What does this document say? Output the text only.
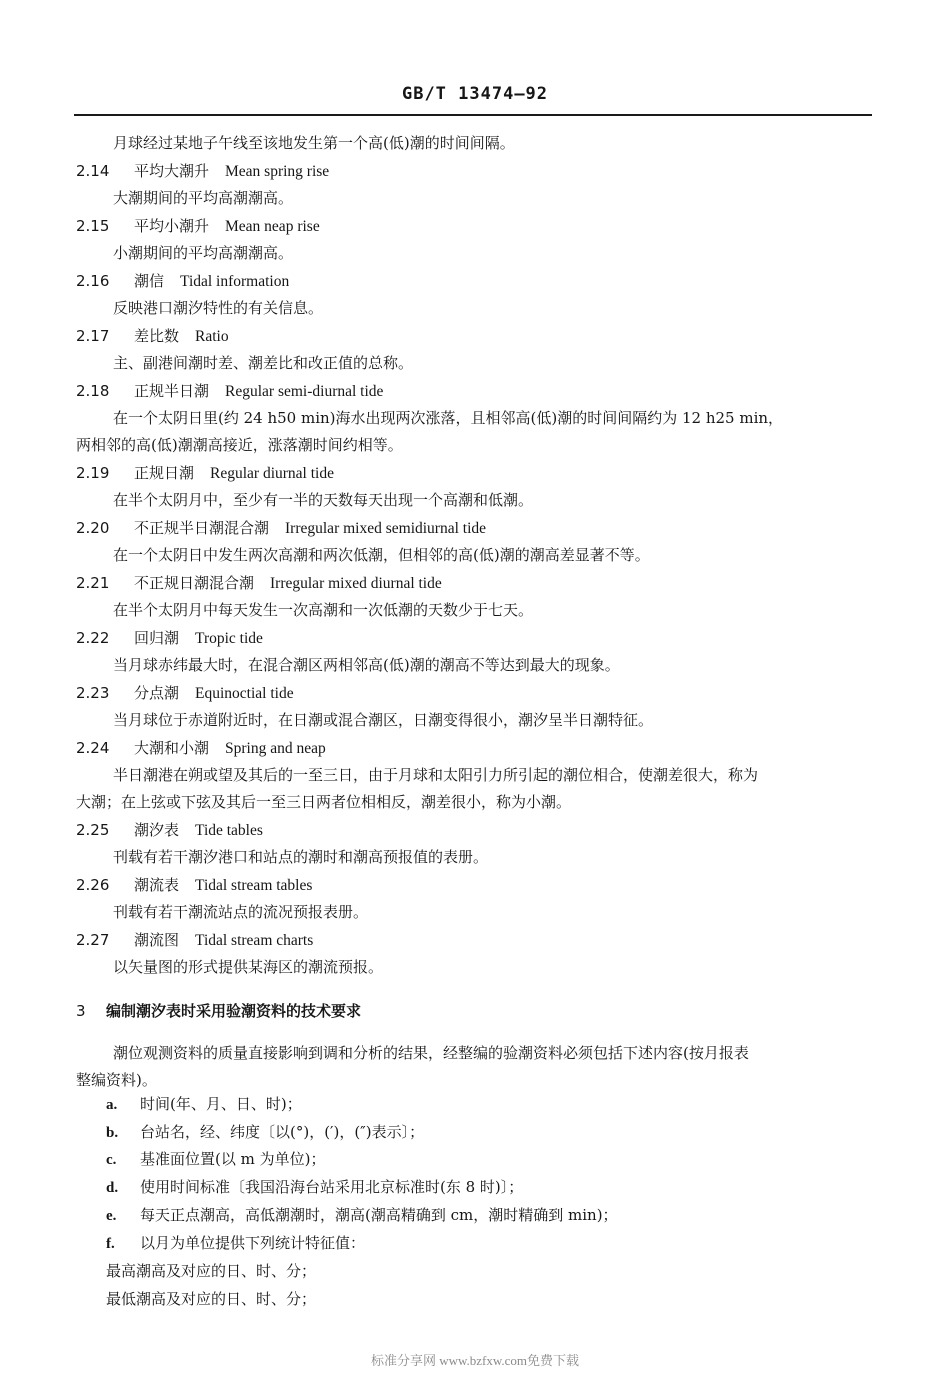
GB/T 13474—92
月球经过某地子午线至该地发生第一个高(低)潮的时间间隔。
2.14 平均大潮升 Mean spring rise
大潮期间的平均高潮潮高。
2.15 平均小潮升 Mean neap rise
小潮期间的平均高潮潮高。
2.16 潮信 Tidal information
反映港口潮汐特性的有关信息。
2.17 差比数 Ratio
主、副港间潮时差、潮差比和改正值的总称。
2.18 正规半日潮 Regular semi-diurnal tide
在一个太阴日里(约 24 h50 min)海水出现两次涨落，且相邻高(低)潮的时间间隔约为 12 h25 min，
两相邻的高(低)潮潮高接近，涨落潮时间约相等。
2.19 正规日潮 Regular diurnal tide
在半个太阴月中，至少有一半的天数每天出现一个高潮和低潮。
2.20 不正规半日潮混合潮 Irregular mixed semidiurnal tide
在一个太阴日中发生两次高潮和两次低潮，但相邻的高(低)潮的潮高差显著不等。
2.21 不正规日潮混合潮 Irregular mixed diurnal tide
在半个太阴月中每天发生一次高潮和一次低潮的天数少于七天。
2.22 回归潮 Tropic tide
当月球赤纬最大时，在混合潮区两相邻高(低)潮的潮高不等达到最大的现象。
2.23 分点潮 Equinoctial tide
当月球位于赤道附近时，在日潮或混合潮区，日潮变得很小，潮汐呈半日潮特征。
2.24 大潮和小潮 Spring and neap
半日潮港在朔或望及其后的一至三日，由于月球和太阳引力所引起的潮位相合，使潮差很大，称为
大潮；在上弦或下弦及其后一至三日两者位相相反，潮差很小，称为小潮。
2.25 潮汐表 Tide tables
刊载有若干潮汐港口和站点的潮时和潮高预报值的表册。
2.26 潮流表 Tidal stream tables
刊载有若干潮流站点的流况预报表册。
2.27 潮流图 Tidal stream charts
以矢量图的形式提供某海区的潮流预报。
3 编制潮汐表时采用验潮资料的技术要求
潮位观测资料的质量直接影响到调和分析的结果，经整编的验潮资料必须包括下述内容(按月报表
整编资料)。
a. 时间(年、月、日、时)；
b. 台站名，经、纬度〔以(°)，(′)，(″)表示〕；
c. 基准面位置(以 m 为单位)；
d. 使用时间标准〔我国沿海台站采用北京标准时(东 8 时)〕；
e. 每天正点潮高，高低潮潮时，潮高(潮高精确到 cm，潮时精确到 min)；
f. 以月为单位提供下列统计特征值：
最高潮高及对应的日、时、分；
最低潮高及对应的日、时、分；
标准分享网 www.bzfxw.com免费下载
